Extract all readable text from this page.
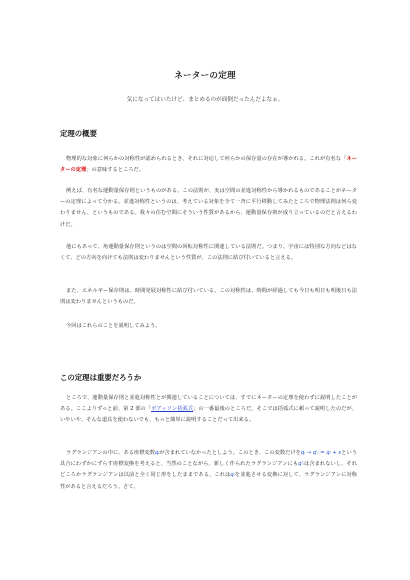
ネーターの定理
気になってはいたけど、まとめるのが面倒だったんだよなぁ。
定理の概要
物理的な対象に何らかの対称性が認められるとき、それに対応して何らかの保存量の存在が導かれる。これが有名な「ネーターの定理」の意味するところだ。
例えば、有名な運動量保存則というものがある。この法則が、実は空間の並進対称性から導かれるものであることがネーターの定理によって分かる。並進対称性というのは、考えている対象を全て一斉に平行移動してみたところで物理法則は何ら変わりません、というものである。我々の住む空間にそういう性質があるから、運動量保存則が成り立っているのだと言えるわけだ。
他にもあって、角運動量保存則というのは空間の回転対称性に関連している法則だ。つまり、宇宙には特別な方向などはなくて、どの方向を向けても法則は変わりませんという性質が、この法則に結び付いていると言える。
また、エネルギー保存則は、時間発展対称性に結び付いている。この対称性は、時間が経過しても今日も明日も明後日も法則は変わりませんというものだ。
今回はこれらのことを説明してみよう。
この定理は重要だろうか
ところで、運動量保存則と並進対称性とが関連していることについては、すでにネーターの定理を使わずに説明したことがある。ここよりずっと前、第 2 部の「ボアッソン括弧式」の一番最後のところだ。そこでは括弧式に頼って説明したのだが、いやいや、そんな道具を使わないでも、もっと簡単に説明することだって出来る。
ラグランジアンの中に、ある座標変数qᵢが含まれていなかったとしよう。このとき、この変数だけをqᵢ → q'ᵢ = qᵢ + εという具合にわずかにずらす座標変換を考えると、当然のことながら、新しく作られたラグランジアンにもq'ᵢは含まれないし、それどころかラグランジアンは以前と全く同じ形をしたままである。これはqᵢを並進させる変換に対して、ラグランジアンに対称性があると言えるだろう。さて、
